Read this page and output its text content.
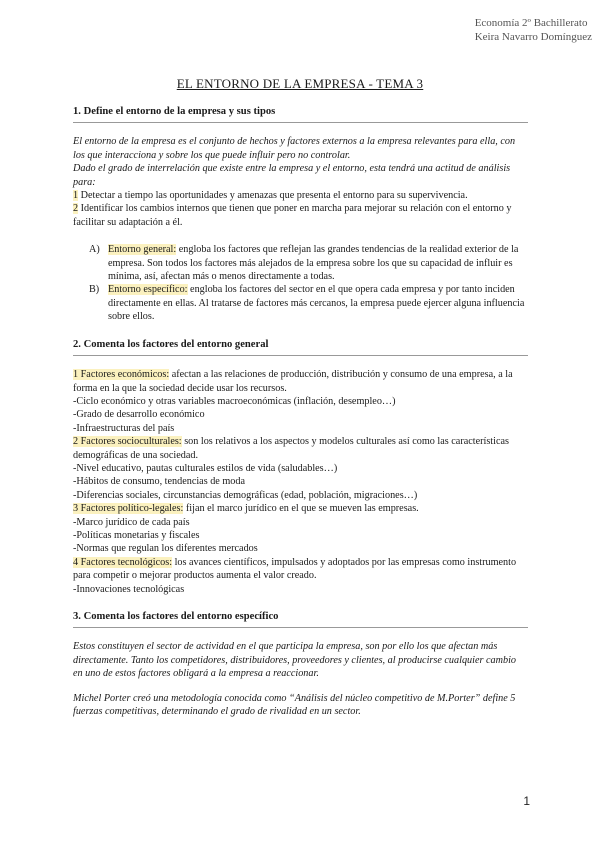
Economía 2º Bachillerato
Keira Navarro Domínguez
EL ENTORNO DE LA EMPRESA - TEMA 3

1. Define el entorno de la empresa y sus tipos

El entorno de la empresa es el conjunto de hechos y factores externos a la empresa relevantes para ella, con los que interacciona y sobre los que puede influir pero no controlar.

Dado el grado de interrelación que existe entre la empresa y el entorno, esta tendrá una actitud de análisis para:

1 Detectar a tiempo las oportunidades y amenazas que presenta el entorno para su supervivencia.

2 Identificar los cambios internos que tienen que poner en marcha para mejorar su relación con el entorno y facilitar su adaptación a él.

A) Entorno general: engloba los factores que reflejan las grandes tendencias de la realidad exterior de la empresa. Son todos los factores más alejados de la empresa sobre los que su capacidad de influir es mínima, así, afectan más o menos directamente a todas.
B) Entorno específico: engloba los factores del sector en el que opera cada empresa y por tanto inciden directamente en ellas. Al tratarse de factores más cercanos, la empresa puede ejercer alguna influencia sobre ellos.

2. Comenta los factores del entorno general

1 Factores económicos: afectan a las relaciones de producción, distribución y consumo de una empresa, a la forma en la que la sociedad decide usar los recursos.

-Ciclo económico y otras variables macroeconómicas (inflación, desempleo…)

-Grado de desarrollo económico

-Infraestructuras del país

2 Factores socioculturales: son los relativos a los aspectos y modelos culturales así como las características demográficas de una sociedad.

-Nivel educativo, pautas culturales estilos de vida (saludables…)

-Hábitos de consumo, tendencias de moda

-Diferencias sociales, circunstancias demográficas (edad, población, migraciones…)

3 Factores político-legales: fijan el marco jurídico en el que se mueven las empresas.

-Marco jurídico de cada país

-Políticas monetarias y fiscales

-Normas que regulan los diferentes mercados

4 Factores tecnológicos: los avances científicos, impulsados y adoptados por las empresas como instrumento para competir o mejorar productos aumenta el valor creado.

-Innovaciones tecnológicas

3. Comenta los factores del entorno específico

Estos constituyen el sector de actividad en el que participa la empresa, son por ello los que afectan más directamente. Tanto los competidores, distribuidores, proveedores y clientes, al producirse cualquier cambio en uno de estos factores obligará a la empresa a reaccionar.

Michel Porter creó una metodología conocida como “Análisis del núcleo competitivo de M.Porter” define 5 fuerzas competitivas, determinando el grado de rivalidad en un sector.

1
